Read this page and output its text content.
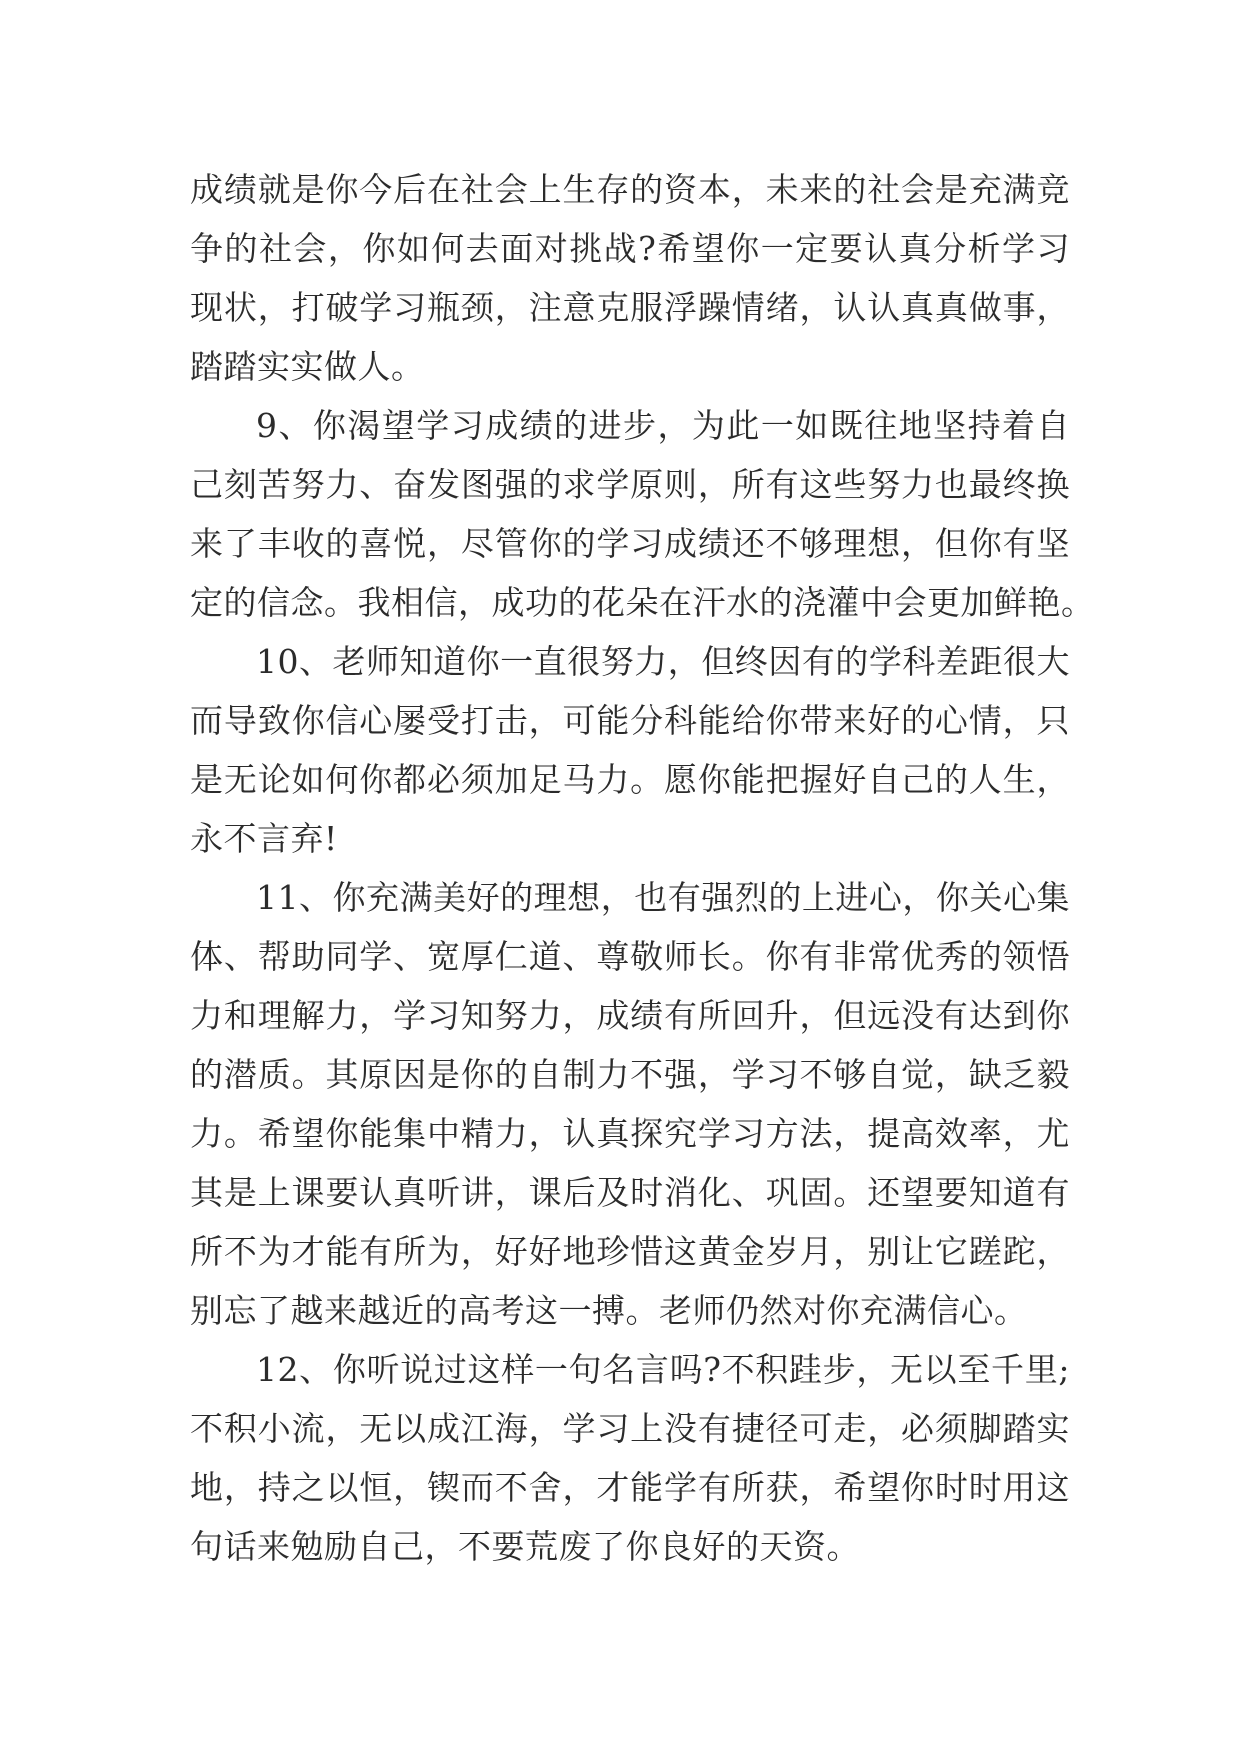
成绩就是你今后在社会上生存的资本，未来的社会是充满竞
争的社会，你如何去面对挑战?希望你一定要认真分析学习
现状，打破学习瓶颈，注意克服浮躁情绪，认认真真做事，
踏踏实实做人。
9、你渴望学习成绩的进步，为此一如既往地坚持着自
己刻苦努力、奋发图强的求学原则，所有这些努力也最终换
来了丰收的喜悦，尽管你的学习成绩还不够理想，但你有坚
定的信念。我相信，成功的花朵在汗水的浇灌中会更加鲜艳。
10、老师知道你一直很努力，但终因有的学科差距很大
而导致你信心屡受打击，可能分科能给你带来好的心情，只
是无论如何你都必须加足马力。愿你能把握好自己的人生，
永不言弃!
11、你充满美好的理想，也有强烈的上进心，你关心集
体、帮助同学、宽厚仁道、尊敬师长。你有非常优秀的领悟
力和理解力，学习知努力，成绩有所回升，但远没有达到你
的潜质。其原因是你的自制力不强，学习不够自觉，缺乏毅
力。希望你能集中精力，认真探究学习方法，提高效率，尤
其是上课要认真听讲，课后及时消化、巩固。还望要知道有
所不为才能有所为，好好地珍惜这黄金岁月，别让它蹉跎，
别忘了越来越近的高考这一搏。老师仍然对你充满信心。
12、你听说过这样一句名言吗?不积跬步，无以至千里;
不积小流，无以成江海，学习上没有捷径可走，必须脚踏实
地，持之以恒，锲而不舍，才能学有所获，希望你时时用这
句话来勉励自己，不要荒废了你良好的天资。
